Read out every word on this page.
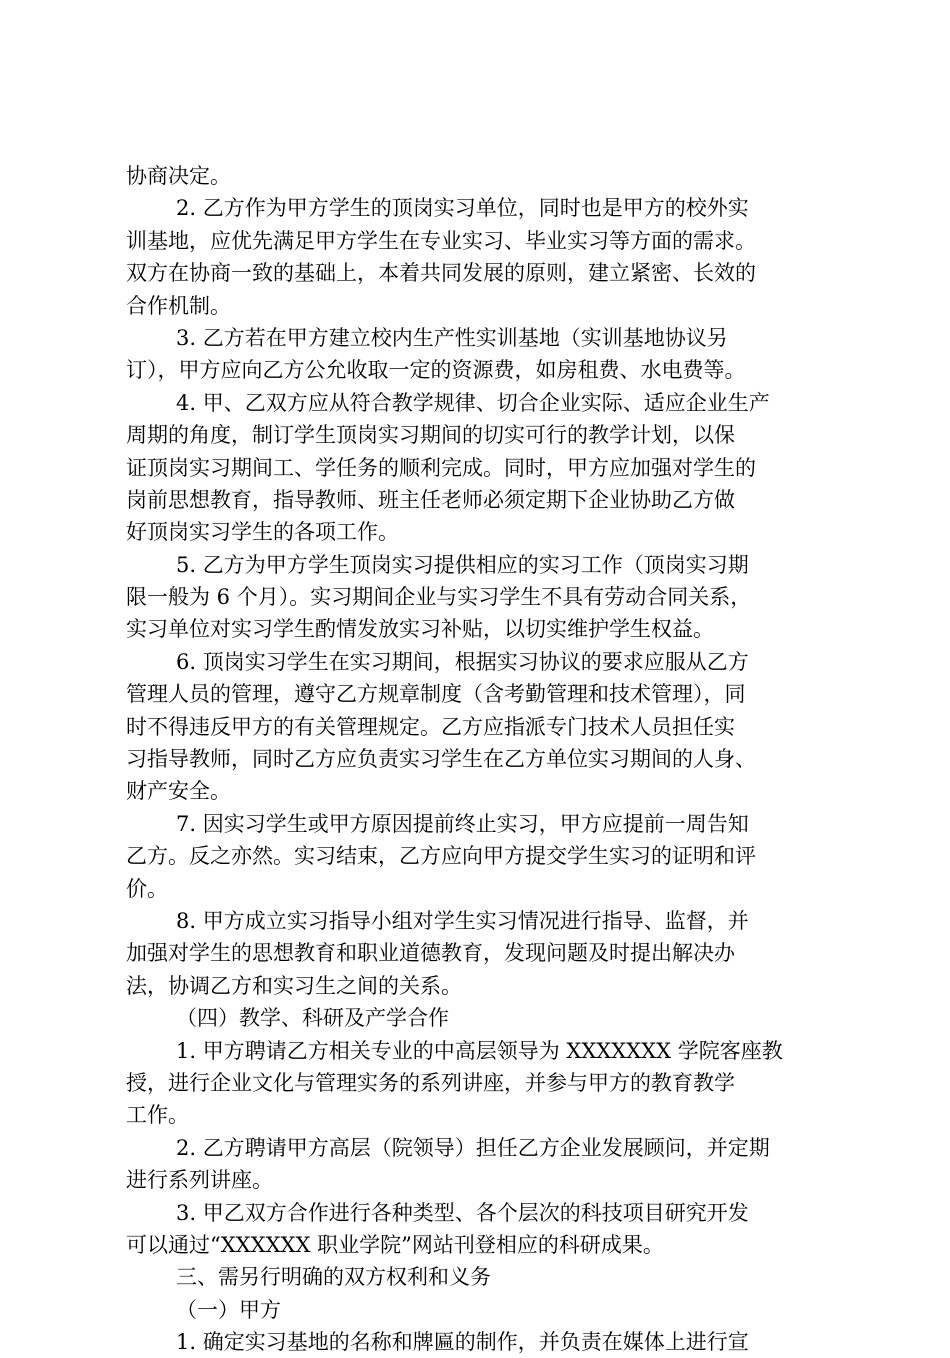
协商决定。
2. 乙方作为甲方学生的顶岗实习单位，同时也是甲方的校外实
训基地，应优先满足甲方学生在专业实习、毕业实习等方面的需求。
双方在协商一致的基础上，本着共同发展的原则，建立紧密、长效的
合作机制。
3. 乙方若在甲方建立校内生产性实训基地（实训基地协议另
订），甲方应向乙方公允收取一定的资源费，如房租费、水电费等。
4. 甲、乙双方应从符合教学规律、切合企业实际、适应企业生产
周期的角度，制订学生顶岗实习期间的切实可行的教学计划，以保
证顶岗实习期间工、学任务的顺利完成。同时，甲方应加强对学生的
岗前思想教育，指导教师、班主任老师必须定期下企业协助乙方做
好顶岗实习学生的各项工作。
5. 乙方为甲方学生顶岗实习提供相应的实习工作（顶岗实习期
限一般为 6 个月）。实习期间企业与实习学生不具有劳动合同关系，
实习单位对实习学生酌情发放实习补贴，以切实维护学生权益。
6. 顶岗实习学生在实习期间，根据实习协议的要求应服从乙方
管理人员的管理，遵守乙方规章制度（含考勤管理和技术管理），同
时不得违反甲方的有关管理规定。乙方应指派专门技术人员担任实
习指导教师，同时乙方应负责实习学生在乙方单位实习期间的人身、
财产安全。
7. 因实习学生或甲方原因提前终止实习，甲方应提前一周告知
乙方。反之亦然。实习结束，乙方应向甲方提交学生实习的证明和评
价。
8. 甲方成立实习指导小组对学生实习情况进行指导、监督，并
加强对学生的思想教育和职业道德教育，发现问题及时提出解决办
法，协调乙方和实习生之间的关系。
（四）教学、科研及产学合作
1. 甲方聘请乙方相关专业的中高层领导为 XXXXXXX 学院客座教
授，进行企业文化与管理实务的系列讲座，并参与甲方的教育教学
工作。
2. 乙方聘请甲方高层（院领导）担任乙方企业发展顾问，并定期
进行系列讲座。
3. 甲乙双方合作进行各种类型、各个层次的科技项目研究开发
可以通过“XXXXXX 职业学院”网站刊登相应的科研成果。
三、需另行明确的双方权利和义务
（一）甲方
1. 确定实习基地的名称和牌匾的制作，并负责在媒体上进行宣
